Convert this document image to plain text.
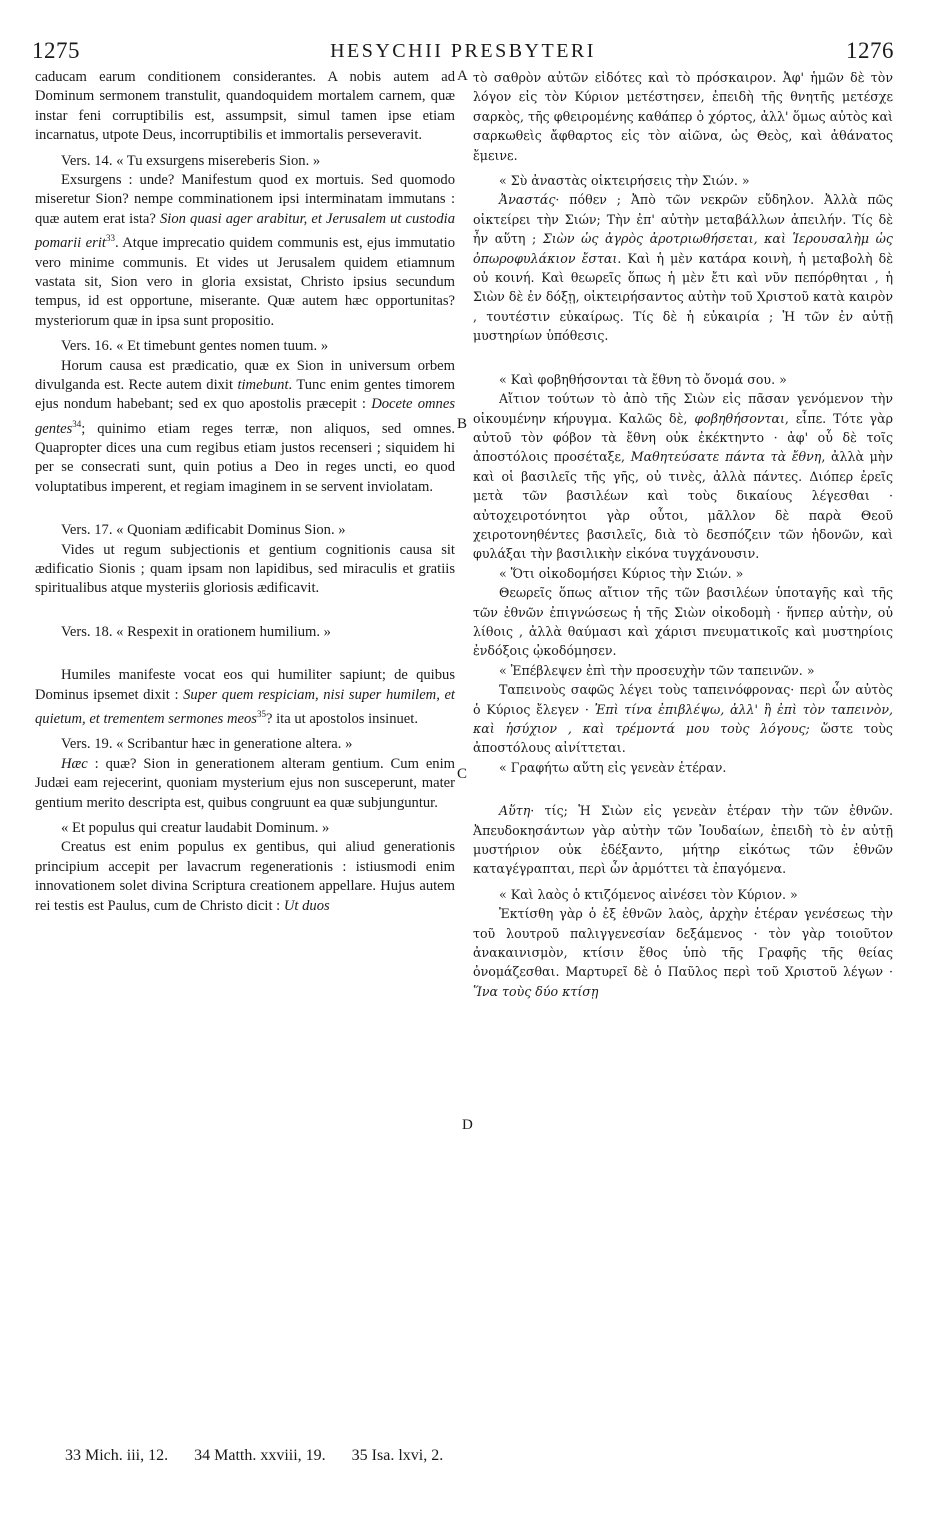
1275	HESYCHII PRESBYTERI	1276

caducam earum conditionem considerantes. A nobis autem ad Dominum sermonem transtulit, quandoquidem mortalem carnem, quæ instar feni corruptibilis est, assumpsit, simul tamen ipse etiam incarnatus, utpote Deus, incorruptibilis et immortalis perseveravit.

Vers. 14. « Tu exsurgens misereberis Sion. »

Exsurgens : unde? Manifestum quod ex mortuis. Sed quomodo miseretur Sion? nempe comminationem ipsi interminatam immutans : quæ autem erat ista? Sion quasi ager arabitur, et Jerusalem ut custodia pomarii erit$^{33}$. Atque imprecatio quidem communis est, ejus immutatio vero minime communis. Et vides ut Jerusalem quidem etiamnum vastata sit, Sion vero in gloria exsistat, Christo ipsius secundum tempus, id est opportune, miserante. Quæ autem hæc opportunitas? mysteriorum quæ in ipsa sunt propositio.

Vers. 16. « Et timebunt gentes nomen tuum. »

Horum causa est prædicatio, quæ ex Sion in universum orbem divulganda est. Recte autem dixit timebunt. Tunc enim gentes timorem ejus nondum habebant; sed ex quo apostolis præcepit : Docete omnes gentes$^{34}$; quinimo etiam reges terræ, non aliquos, sed omnes. Quapropter dices una cum regibus etiam justos recenseri ; siquidem hi per se consecrati sunt, quin potius a Deo in reges uncti, eo quod voluptatibus imperent, et regiam imaginem in se servent inviolatam.

Vers. 17. « Quoniam ædificabit Dominus Sion. »

Vides ut regum subjectionis et gentium cognitionis causa sit ædificatio Sionis ; quam ipsam non lapidibus, sed miraculis et gratiis spiritualibus atque mysteriis gloriosis ædificavit.

Vers. 18. « Respexit in orationem humilium. »

Humiles manifeste vocat eos qui humiliter sapiunt; de quibus Dominus ipsemet dixit : Super quem respiciam, nisi super humilem, et quietum, et trementem sermones meos$^{35}$? ita ut apostolos insinuet.

Vers. 19. « Scribantur hæc in generatione altera. »

Hæc : quæ? Sion in generationem alteram gentium. Cum enim Judæi eam rejecerint, quoniam mysterium ejus non susceperunt, mater gentium merito descripta est, quibus congruunt ea quæ subjunguntur.

« Et populus qui creatur laudabit Dominum. »

Creatus est enim populus ex gentibus, qui aliud generationis principium accepit per lavacrum regenerationis : istiusmodi enim innovationem solet divina Scriptura creationem appellare. Hujus autem rei testis est Paulus, cum de Christo dicit : Ut duos

τὸ σαθρὸν αὐτῶν εἰδότες καὶ τὸ πρόσκαιρον. Ἀφ' ἡμῶν δὲ τὸν λόγον εἰς τὸν Κύριον μετέστησεν, ἐπειδὴ τῆς θνητῆς μετέσχε σαρκὸς, τῆς φθειρομένης καθάπερ ὁ χόρτος, ἀλλ' ὅμως αὐτὸς καὶ σαρκωθεὶς ἄφθαρτος εἰς τὸν αἰῶνα, ὡς Θεὸς, καὶ ἀθάνατος ἔμεινε.

« Σὺ ἀναστὰς οἰκτειρήσεις τὴν Σιών. »

Ἀναστάς· πόθεν ; Ἀπὸ τῶν νεκρῶν εὔδηλον. Ἀλλὰ πῶς οἰκτείρει τὴν Σιών; Τὴν ἐπ' αὐτὴν μεταβάλλων ἀπειλήν. Τίς δὲ ἦν αὕτη ; Σιὼν ὡς ἀγρὸς ἀροτριωθήσεται, καὶ Ἱερουσαλὴμ ὡς ὀπωροφυλάκιον ἔσται. Καὶ ἡ μὲν κατάρα κοινὴ, ἡ μεταβολὴ δὲ οὐ κοινή. Καὶ θεωρεῖς ὅπως ἡ μὲν ἔτι καὶ νῦν πεπόρθηται , ἡ Σιὼν δὲ ἐν δόξῃ, οἰκτειρήσαντος αὐτὴν τοῦ Χριστοῦ κατὰ καιρὸν , τουτέστιν εὐκαίρως. Τίς δὲ ἡ εὐκαιρία ; Ἡ τῶν ἐν αὐτῇ μυστηρίων ὑπόθεσις.

« Καὶ φοβηθήσονται τὰ ἔθνη τὸ ὄνομά σου. »

Αἴτιον τούτων τὸ ἀπὸ τῆς Σιὼν εἰς πᾶσαν γενόμενον τὴν οἰκουμένην κήρυγμα. Καλῶς δὲ, φοβηθήσονται, εἶπε. Τότε γὰρ αὐτοῦ τὸν φόβον τὰ ἔθνη οὐκ ἐκέκτηντο · ἀφ' οὗ δὲ τοῖς ἀποστόλοις προσέταξε, Μαθητεύσατε πάντα τὰ ἔθνη, ἀλλὰ μὴν καὶ οἱ βασιλεῖς τῆς γῆς, οὐ τινὲς, ἀλλὰ πάντες. Διόπερ ἐρεῖς μετὰ τῶν βασιλέων καὶ τοὺς δικαίους λέγεσθαι · αὐτοχειροτόνητοι γὰρ οὗτοι, μᾶλλον δὲ παρὰ Θεοῦ χειροτονηθέντες βασιλεῖς, διὰ τὸ δεσπόζειν τῶν ἡδονῶν, καὶ φυλάξαι τὴν βασιλικὴν εἰκόνα τυγχάνουσιν.

« Ὅτι οἰκοδομήσει Κύριος τὴν Σιών. »

Θεωρεῖς ὅπως αἴτιον τῆς τῶν βασιλέων ὑποταγῆς καὶ τῆς τῶν ἐθνῶν ἐπιγνώσεως ἡ τῆς Σιὼν οἰκοδομὴ · ἥνπερ αὐτὴν, οὐ λίθοις , ἀλλὰ θαύμασι καὶ χάρισι πνευματικοῖς καὶ μυστηρίοις ἐνδόξοις ᾠκοδόμησεν.

« Ἐπέβλεψεν ἐπὶ τὴν προσευχὴν τῶν ταπεινῶν. »

Ταπεινοὺς σαφῶς λέγει τοὺς ταπεινόφρονας· περὶ ὧν αὐτὸς ὁ Κύριος ἔλεγεν · Ἐπὶ τίνα ἐπιβλέψω, ἀλλ' ἢ ἐπὶ τὸν ταπεινὸν, καὶ ἡσύχιον , καὶ τρέμοντά μου τοὺς λόγους; ὥστε τοὺς ἀποστόλους αἰνίττεται.

« Γραφήτω αὕτη εἰς γενεὰν ἑτέραν.

Αὕτη· τίς; Ἡ Σιὼν εἰς γενεὰν ἑτέραν τὴν τῶν ἐθνῶν. Ἀπευδοκησάντων γὰρ αὐτὴν τῶν Ἰουδαίων, ἐπειδὴ τὸ ἐν αὐτῇ μυστήριον οὐκ ἐδέξαντο, μήτηρ εἰκότως τῶν ἐθνῶν καταγέγραπται, περὶ ὧν ἁρμόττει τὰ ἐπαγόμενα.

« Καὶ λαὸς ὁ κτιζόμενος αἰνέσει τὸν Κύριον. »

Ἐκτίσθη γὰρ ὁ ἐξ ἐθνῶν λαὸς, ἀρχὴν ἑτέραν γενέσεως τὴν τοῦ λουτροῦ παλιγγενεσίαν δεξάμενος · τὸν γὰρ τοιοῦτον ἀνακαινισμὸν, κτίσιν ἔθος ὑπὸ τῆς Γραφῆς τῆς θείας ὀνομάζεσθαι. Μαρτυρεῖ δὲ ὁ Παῦλος περὶ τοῦ Χριστοῦ λέγων · Ἵνα τοὺς δύο κτίσῃ

A
B
C
D
33 Mich. iii, 12. 34 Matth. xxviii, 19. 35 Isa. lxvi, 2.
